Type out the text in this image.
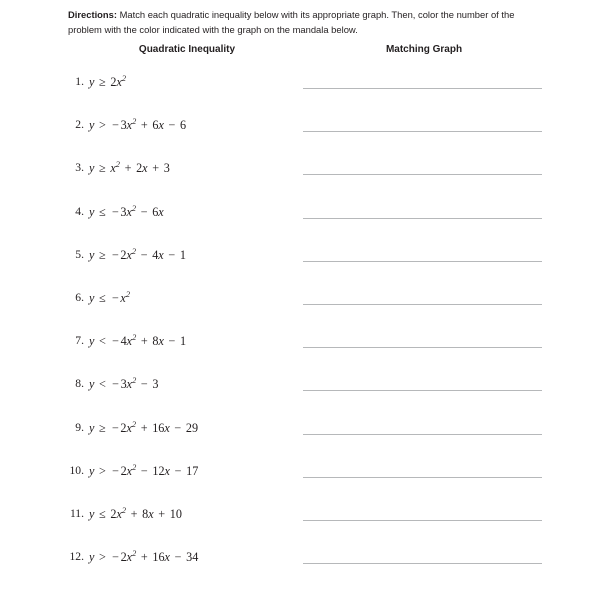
Directions: Match each quadratic inequality below with its appropriate graph. Then, color the number of the problem with the color indicated with the graph on the mandala below.
Quadratic Inequality	Matching Graph
1. $y \ge 2x^2$
2. y > − $3x^2 + 6x - 6$
3. $y \ge x^2 + 2x + 3$
4. y ≤ − $3x^2 - 6x$
5. y ≥ − $2x^2 - 4x - 1$
6. y ≤ − $x^2$
7. y < − $4x^2 + 8x - 1$
8. y < − $3x^2 - 3$
9. y ≥ − $2x^2 + 16x - 29$
10. y > − $2x^2 - 12x - 17$
11. $y \le 2x^2 + 8x + 10$
12. y > − $2x^2 + 16x - 34$
